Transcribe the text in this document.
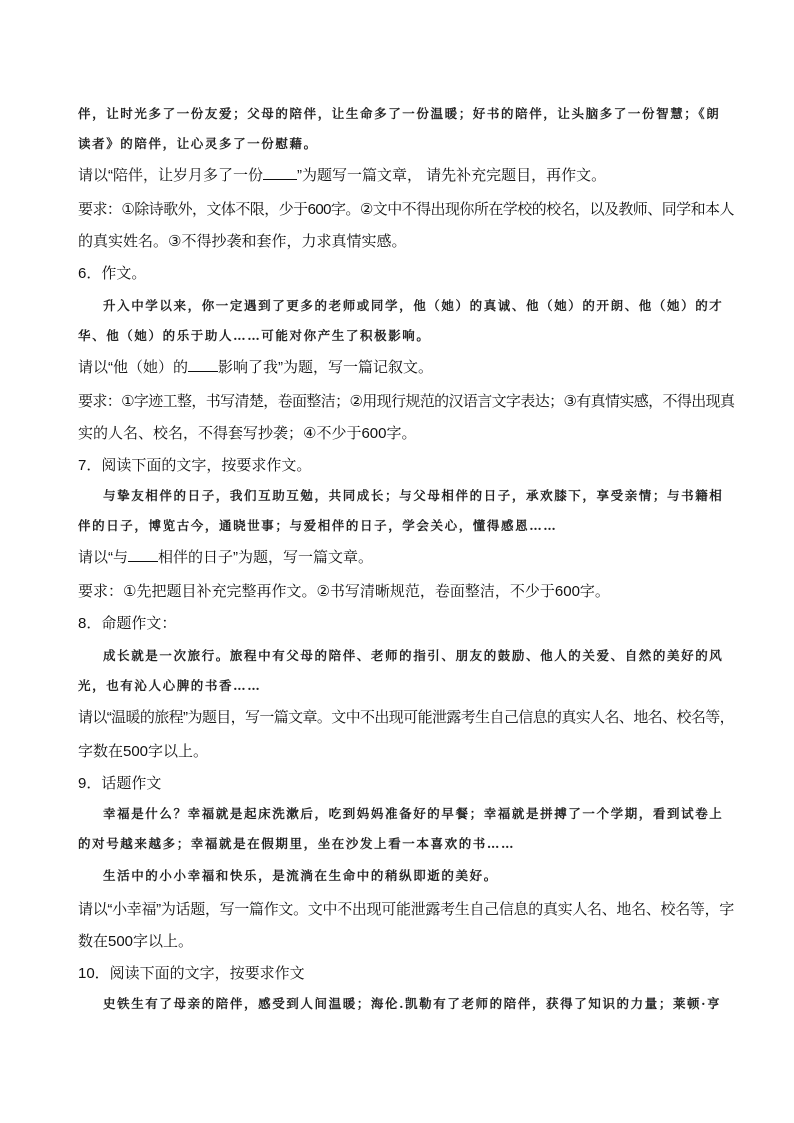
伴，让时光多了一份友爱；父母的陪伴，让生命多了一份温暖；好书的陪伴，让头脑多了一份智慧；《朗

读者》的陪伴，让心灵多了一份慰藉。

请以“陪伴，让岁月多了一份 ”为题写一篇文章， 请先补充完题目，再作文。

要求：①除诗歌外，文体不限，少于600字。②文中不得出现你所在学校的校名，以及教师、同学和本人

的真实姓名。③不得抄袭和套作，力求真情实感。

6．作文。

升入中学以来，你一定遇到了更多的老师或同学，他（她）的真诚、他（她）的开朗、他（她）的才

华、他（她）的乐于助人……可能对你产生了积极影响。

请以“他（她）的 影响了我”为题，写一篇记叙文。

要求：①字迹工整，书写清楚，卷面整洁；②用现行规范的汉语言文字表达；③有真情实感，不得出现真

实的人名、校名，不得套写抄袭；④不少于600字。

7．阅读下面的文字，按要求作文。

与挚友相伴的日子，我们互助互勉，共同成长；与父母相伴的日子，承欢膝下，享受亲情；与书籍相

伴的日子，博览古今，通晓世事；与爱相伴的日子，学会关心，懂得感恩……

请以“与 相伴的日子”为题，写一篇文章。

要求：①先把题目补充完整再作文。②书写清晰规范，卷面整洁，不少于600字。

8．命题作文：

成长就是一次旅行。旅程中有父母的陪伴、老师的指引、朋友的鼓励、他人的关爱、自然的美好的风

光，也有沁人心脾的书香……

请以“温暖的旅程”为题目，写一篇文章。文中不出现可能泄露考生自己信息的真实人名、地名、校名等，

字数在500字以上。

9．话题作文

幸福是什么？幸福就是起床洗漱后，吃到妈妈准备好的早餐；幸福就是拼搏了一个学期，看到试卷上

的对号越来越多；幸福就是在假期里，坐在沙发上看一本喜欢的书……

生活中的小小幸福和快乐，是流淌在生命中的稍纵即逝的美好。

请以“小幸福”为话题，写一篇作文。文中不出现可能泄露考生自己信息的真实人名、地名、校名等，字

数在500字以上。

10．阅读下面的文字，按要求作文

史铁生有了母亲的陪伴，感受到人间温暖；海伦.凯勒有了老师的陪伴，获得了知识的力量；莱顿·亨
